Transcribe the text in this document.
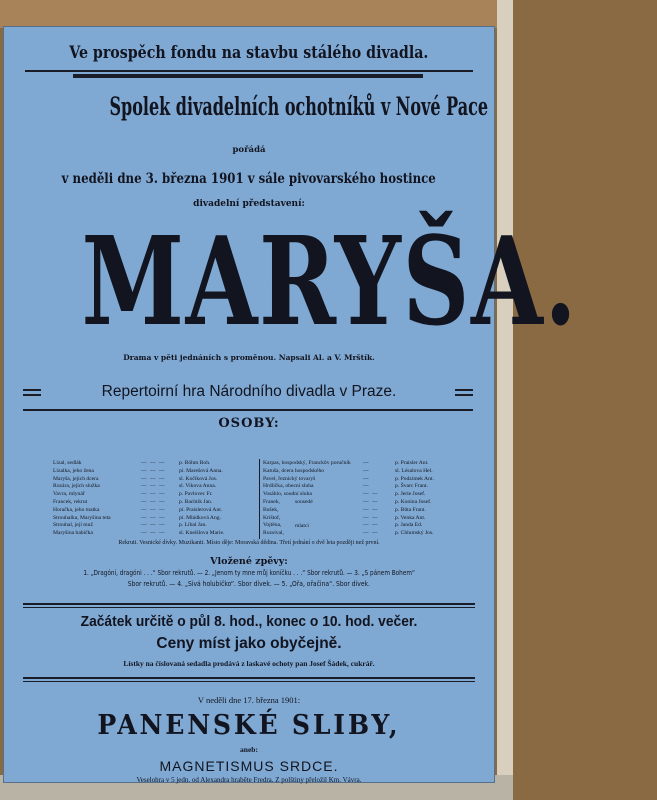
Ve prospěch fondu na stavbu stálého divadla.
Spolek divadelních ochotníků v Nové Pace
pořádá
v neděli dne 3. března 1901 v sále pivovarského hostince
divadelní představení:
MARYŠA.
Drama v pěti jednáních s proměnou. Napsali Al. a V. Mrštík.
Repertoirní hra Národního divadla v Praze.
OSOBY:
Lízal, sedlák
Lízalka, jeho žena
Maryša, jejich dcera
Rozára, jejich služka
Vavra, mlynář
Francek, rekrut
Horačka, jeho matka
Strouhalka, Maryšina teta
Strouhal, její muž
Maryšina babička
— — —
— — —
— — —
— — —
— — —
— — —
— — —
— — —
— — —
— — —
p. Böhm Boh.
pí. Marešová Anna.
sl. Kočíková Jos.
sl. Vikova Anna.
p. Pavlovec Fr.
p. Bachtík Jan.
pí. Praislerová Ant.
pí. Mládková Ang.
p. Líbal Jan.
sl. Kneišlova Marie.
Karpas, hospodský, Franckův poručník
Katuša, dcera hospodského
Pavel, řeznický tovaryš
Hrdlička, obecní sluha
Vosáhlo, soudní sluha
Franek,
Bušek,
Krištof,
Vojtěna,
Rozsíval,
sousedé
mlatci
—
—
—
—
— —
— —
— —
— —
— —
— —
p. Praisler Ant.
sl. Lésalova Hel.
p. Podzimek Ant.
p. Švarc Frant.
p. Jerie Josef.
p. Konina Josef.
p. Bůta Frant.
p. Venka Ant.
p. Janda Ed.
p. Chlumský Jos.
Rekruti. Vesnické dívky. Muzikanti. Místo děje: Moravská dědina. Třetí jednání o dvě leta později než první.
Vložené zpěvy:
1. „Dragóni, dragóni . . .“ Sbor rekrutů. — 2. „Jenom ty mne můj koníčku . . .“ Sbor rekrutů. — 3. „S pánem Bohem“
Sbor rekrutů. — 4. „Sivá holubičko“. Sbor dívek. — 5. „Ořa, ořačina“. Sbor dívek.
Začátek určitě o půl 8. hod., konec o 10. hod. večer.
Ceny míst jako obyčejně.
Lístky na číslovaná sedadla prodává z laskavé ochoty pan Josef Šádek, cukrář.
V neděli dne 17. března 1901:
PANENSKÉ SLIBY,
aneb:
MAGNETISMUS SRDCE.
Veselohra v 5 jedn. od Alexandra hraběte Fredra. Z polštiny přeložil Km. Vávra.
